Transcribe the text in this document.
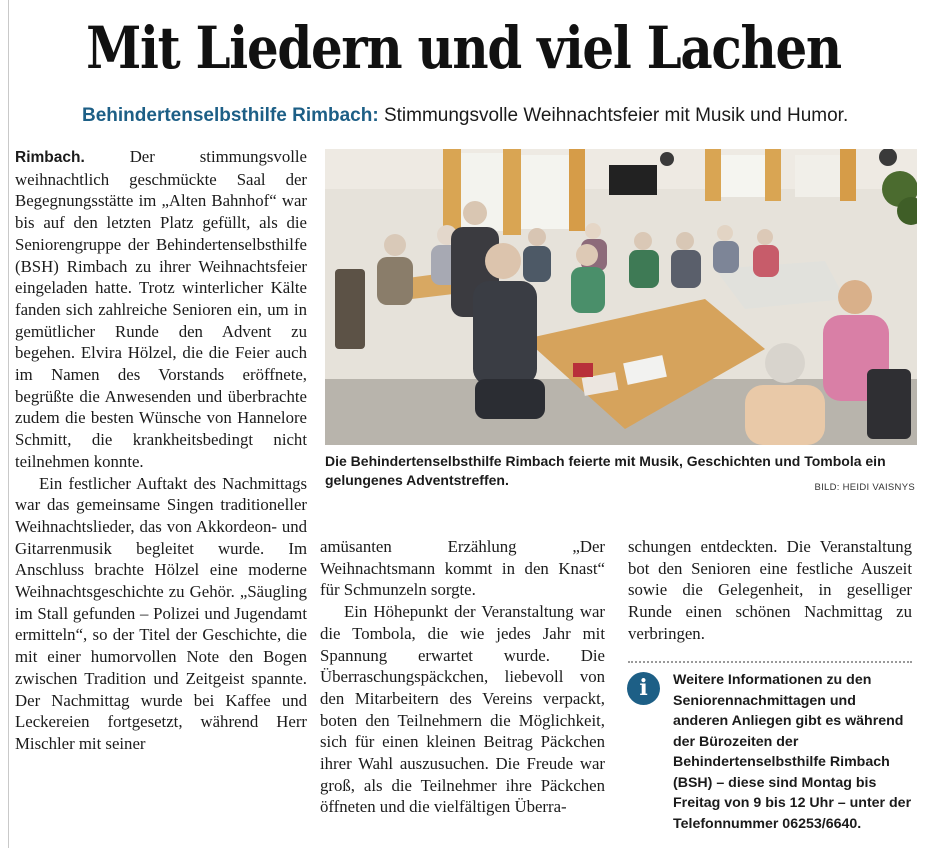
Mit Liedern und viel Lachen
Behindertenselbsthilfe Rimbach: Stimmungsvolle Weihnachtsfeier mit Musik und Humor.

Rimbach.	Der stimmungsvolle weihnachtlich geschmückte Saal der Begegnungsstätte im „Alten Bahnhof“ war bis auf den letzten Platz gefüllt, als die Seniorengruppe der Behindertenselbsthilfe (BSH) Rimbach zu ihrer Weihnachtsfeier eingeladen hatte. Trotz winterlicher Kälte fanden sich zahlreiche Senioren ein, um in gemütlicher Runde den Advent zu begehen. Elvira Hölzel, die die Feier auch im Namen des Vorstands eröffnete, begrüßte die Anwesenden und überbrachte zudem die besten Wünsche von Hannelore Schmitt, die krankheitsbedingt nicht teilnehmen konnte.

Ein festlicher Auftakt des Nachmittags war das gemeinsame Singen traditioneller Weihnachtslieder, das von Akkordeon- und Gitarrenmusik begleitet wurde. Im Anschluss brachte Hölzel eine moderne Weihnachtsgeschichte zu Gehör. „Säugling im Stall gefunden – Polizei und Jugendamt ermitteln“, so der Titel der Geschichte, die mit einer humorvollen Note den Bogen zwischen Tradition und Zeitgeist spannte. Der Nachmittag wurde bei Kaffee und Leckereien fortgesetzt, während Herr Mischler mit seiner

Die Behindertenselbsthilfe Rimbach feierte mit Musik, Geschichten und Tombola ein gelungenes Adventstreffen.	BILD: HEIDI VAISNYS

amüsanten Erzählung „Der Weihnachtsmann kommt in den Knast“ für Schmunzeln sorgte.

Ein Höhepunkt der Veranstaltung war die Tombola, die wie jedes Jahr mit Spannung erwartet wurde. Die Überraschungspäckchen, liebevoll von den Mitarbeitern des Vereins verpackt, boten den Teilnehmern die Möglichkeit, sich für einen kleinen Beitrag Päckchen ihrer Wahl auszusuchen. Die Freude war groß, als die Teilnehmer ihre Päckchen öffneten und die vielfältigen Überra-

schungen entdeckten. Die Veranstaltung bot den Senioren eine festliche Auszeit sowie die Gelegenheit, in geselliger Runde einen schönen Nachmittag zu verbringen.

i	Weitere Informationen zu den Seniorennachmittagen und anderen Anliegen gibt es während der Bürozeiten der Behindertenselbsthilfe Rimbach (BSH) – diese sind Montag bis Freitag von 9 bis 12 Uhr – unter der Telefonnummer 06253/6640.
